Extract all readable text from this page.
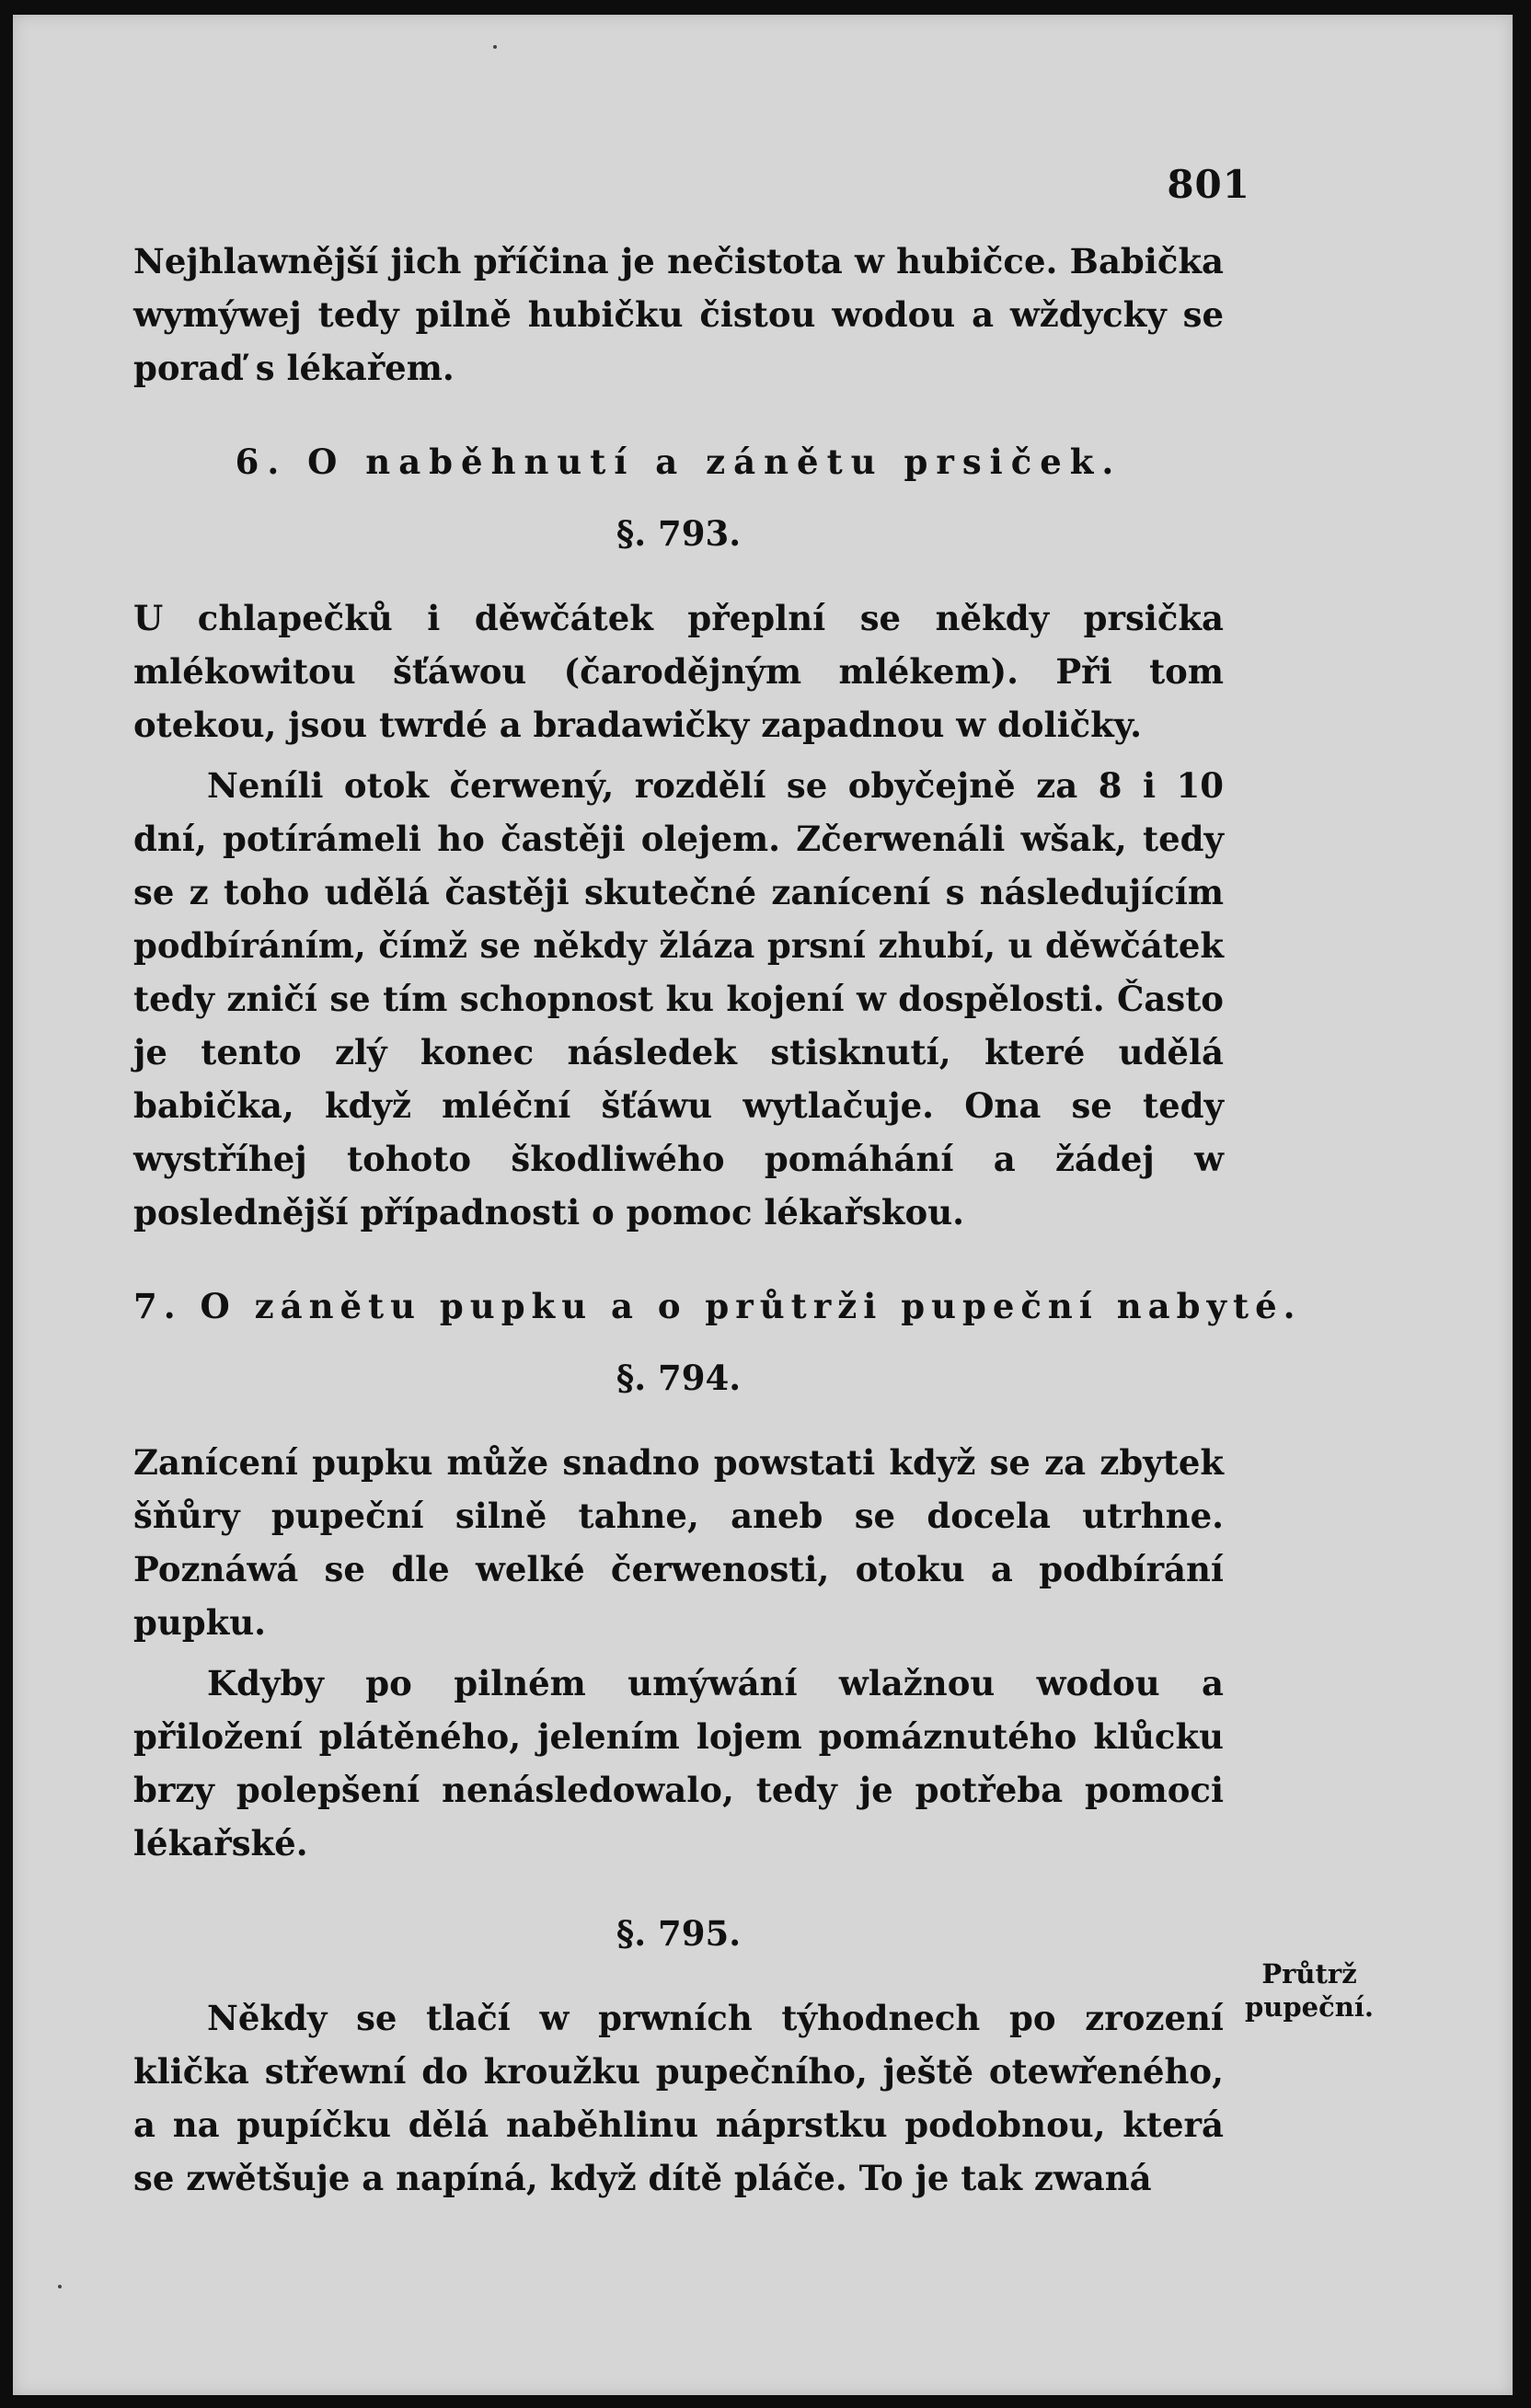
801

Nejhlawnější jich příčina je nečistota w hubičce. Babička wymýwej tedy pilně hubičku čistou wodou a wždycky se poraď s lékařem.

6. O naběhnutí a zánětu prsiček.
§. 793.

U chlapečků i děwčátek přeplní se někdy prsička mlékowitou šťáwou (čarodějným mlékem). Při tom otekou, jsou twrdé a bradawičky zapadnou w doličky.

Neníli otok čerwený, rozdělí se obyčejně za 8 i 10 dní, potírámeli ho častěji olejem. Zčerwenáli wšak, tedy se z toho udělá častěji skutečné zanícení s následujícím podbíráním, čímž se někdy žláza prsní zhubí, u děwčátek tedy zničí se tím schopnost ku kojení w dospělosti. Často je tento zlý konec následek stisknutí, které udělá babička, když mléční šťáwu wytlačuje. Ona se tedy wystříhej tohoto škodliwého pomáhání a žádej w posledněјší případnosti o pomoc lékařskou.

7. O zánětu pupku a o průtrži pupeční nabyté.
§. 794.

Zanícení pupku může snadno powstati když se za zbytek šňůry pupeční silně tahne, aneb se docela utrhne. Poznáwá se dle welké čerwenosti, otoku a podbírání pupku.

Kdyby po pilném umýwání wlažnou wodou a přiložení plátěného, jelením lojem pomáznutého klůcku brzy polepšení nenásledowalo, tedy je potřeba pomoci lékařské.

§. 795.

Někdy se tlačí w prwních týhodnech po zrození klička střewní do kroužku pupečního, ještě otewřeného, a na pupíčku dělá naběhlinu náprstku podobnou, která se zwětšuje a napíná, když dítě pláče. To je tak zwaná

Průtrž pupeční.
